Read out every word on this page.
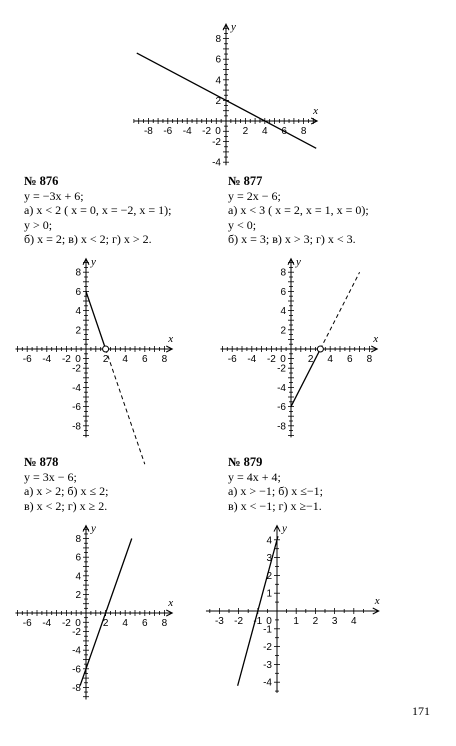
-8 -6 -4 -2 0 2 4 6 8
8
6
4
2
-2
-4
x
y
№ 876
y = −3x + 6;
а) x < 2 ( x = 0, x = −2, x = 1);
y > 0;
б) x = 2; в) x < 2; г) x > 2.
-6 -4 -2 0 2 4 6 8
8
6
4
2
-2
-4
-6
-8
x
y
№ 877
y = 2x − 6;
а) x < 3 ( x = 2, x = 1, x = 0);
y < 0;
б) x = 3; в) x > 3; г) x < 3.
-6 -4 -2 0 2 4 6 8
8
6
4
2
-2
-4
-6
-8
x
y
№ 878
y = 3x − 6;
а) x > 2; б) x ≤ 2;
в) x < 2; г) x ≥ 2.
-6 -4 -2 0 2 4 6 8
8
6
4
2
-2
-4
-6
-8
x
y
№ 879
y = 4x + 4;
а) x > −1; б) x ≤−1;
в) x < −1; г) x ≥−1.
-3 -2 -1 0 1 2 3 4
4
3
2
1
-1
-2
-3
-4
x
y
171
